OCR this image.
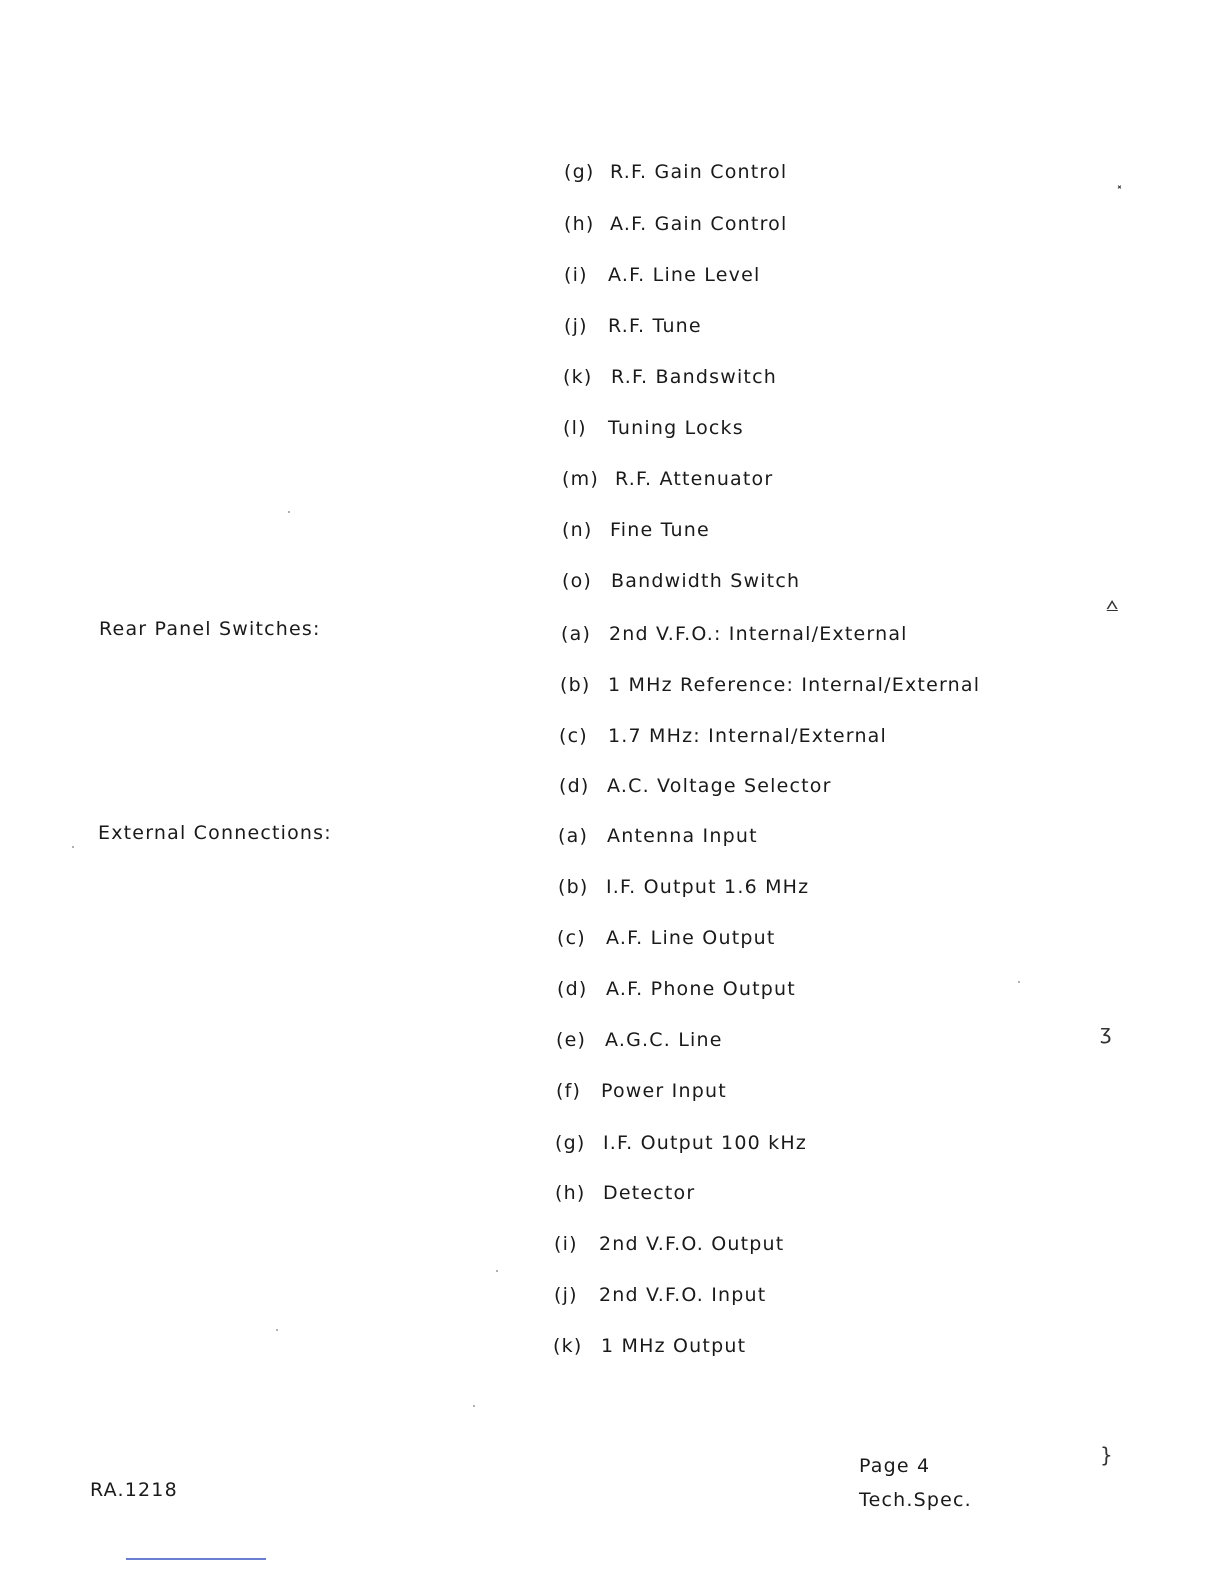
(g) R.F. Gain Control
(h) A.F. Gain Control
(i) A.F. Line Level
(j) R.F. Tune
(k) R.F. Bandswitch
(l) Tuning Locks
(m) R.F. Attenuator
(n) Fine Tune
(o) Bandwidth Switch
Rear Panel Switches:	(a) 2nd V.F.O.: Internal/External
(b) 1 MHz Reference: Internal/External
(c) 1.7 MHz: Internal/External
(d) A.C. Voltage Selector
External Connections:	(a) Antenna Input
(b) I.F. Output 1.6 MHz
(c) A.F. Line Output
(d) A.F. Phone Output
(e) A.G.C. Line
(f) Power Input
(g) I.F. Output 100 kHz
(h) Detector
(i) 2nd V.F.O. Output
(j) 2nd V.F.O. Input
(k) 1 MHz Output
RA.1218
Page 4
Tech.Spec.
⸼
⩟
ʒ
}
